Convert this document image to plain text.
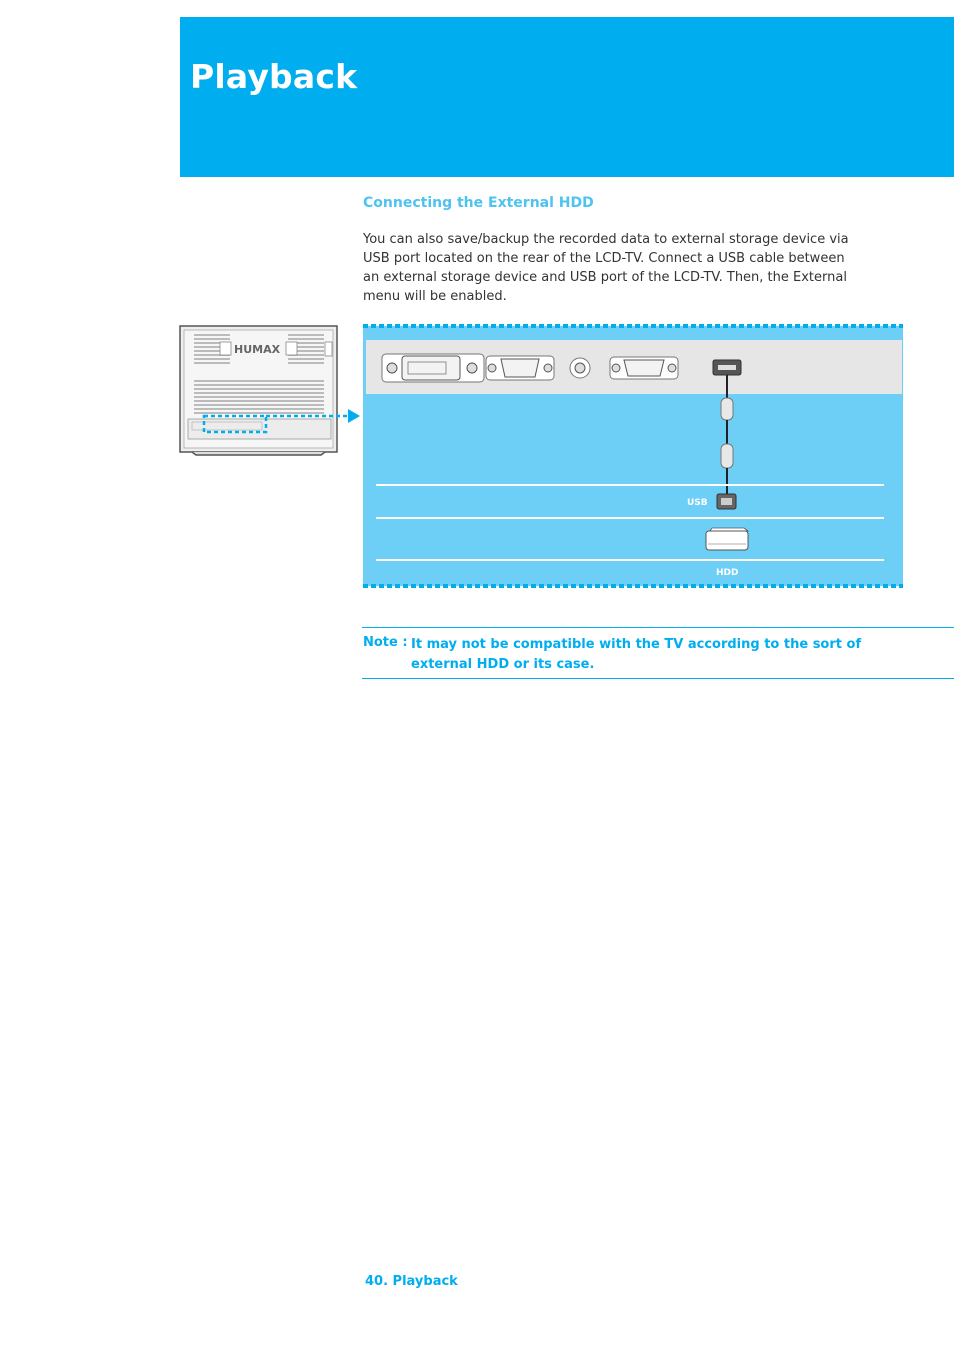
Playback
Connecting the External HDD

You can also save/backup the recorded data to external storage device via USB port located on the rear of the LCD-TV. Connect a USB cable between an external storage device and USB port of the LCD-TV. Then, the External menu will be enabled.

HUMAX
USB
HDD
Note : It may not be compatible with the TV according to the sort of external HDD or its case.
40. Playback
